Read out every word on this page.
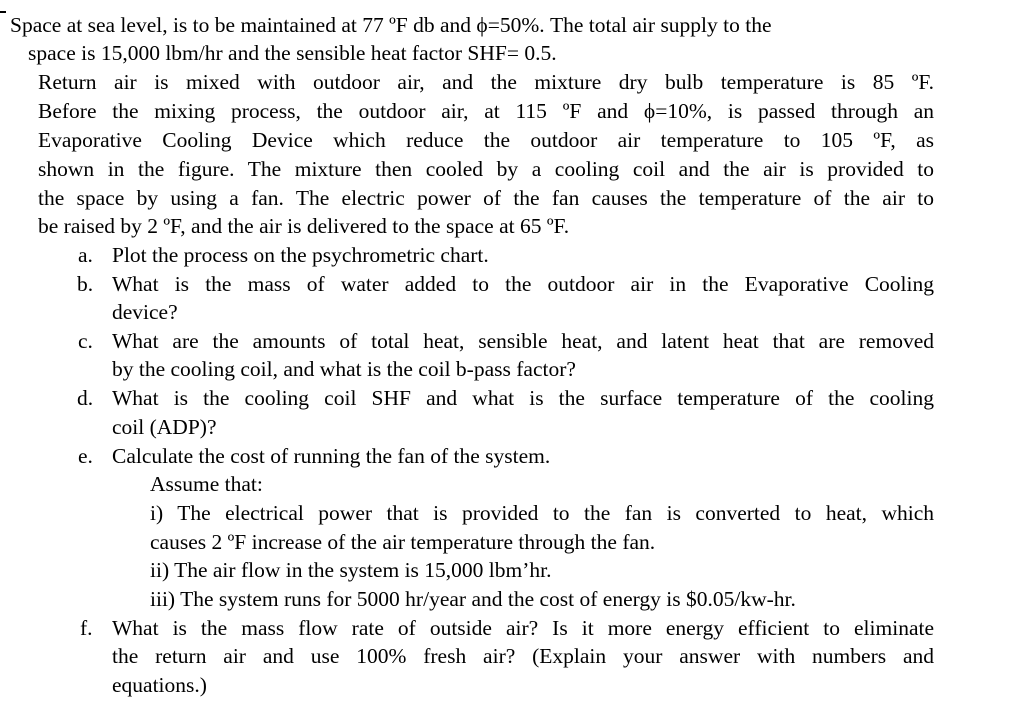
Space at sea level, is to be maintained at 77 ºF db and ϕ=50%. The total air supply to the
space is 15,000 lbm/hr and the sensible heat factor SHF= 0.5.
Return air is mixed with outdoor air, and the mixture dry bulb temperature is 85 ºF.
Before the mixing process, the outdoor air, at 115 ºF and ϕ=10%, is passed through an
Evaporative Cooling Device which reduce the outdoor air temperature to 105 ºF, as
shown in the figure. The mixture then cooled by a cooling coil and the air is provided to
the space by using a fan. The electric power of the fan causes the temperature of the air to
be raised by 2 ºF, and the air is delivered to the space at 65 ºF.
a. Plot the process on the psychrometric chart.
b. What is the mass of water added to the outdoor air in the Evaporative Cooling
device?
c. What are the amounts of total heat, sensible heat, and latent heat that are removed
by the cooling coil, and what is the coil b-pass factor?
d. What is the cooling coil SHF and what is the surface temperature of the cooling
coil (ADP)?
e. Calculate the cost of running the fan of the system.
Assume that:
i) The electrical power that is provided to the fan is converted to heat, which
causes 2 ºF increase of the air temperature through the fan.
ii) The air flow in the system is 15,000 lbm’hr.
iii) The system runs for 5000 hr/year and the cost of energy is $0.05/kw-hr.
f. What is the mass flow rate of outside air? Is it more energy efficient to eliminate
the return air and use 100% fresh air? (Explain your answer with numbers and
equations.)
